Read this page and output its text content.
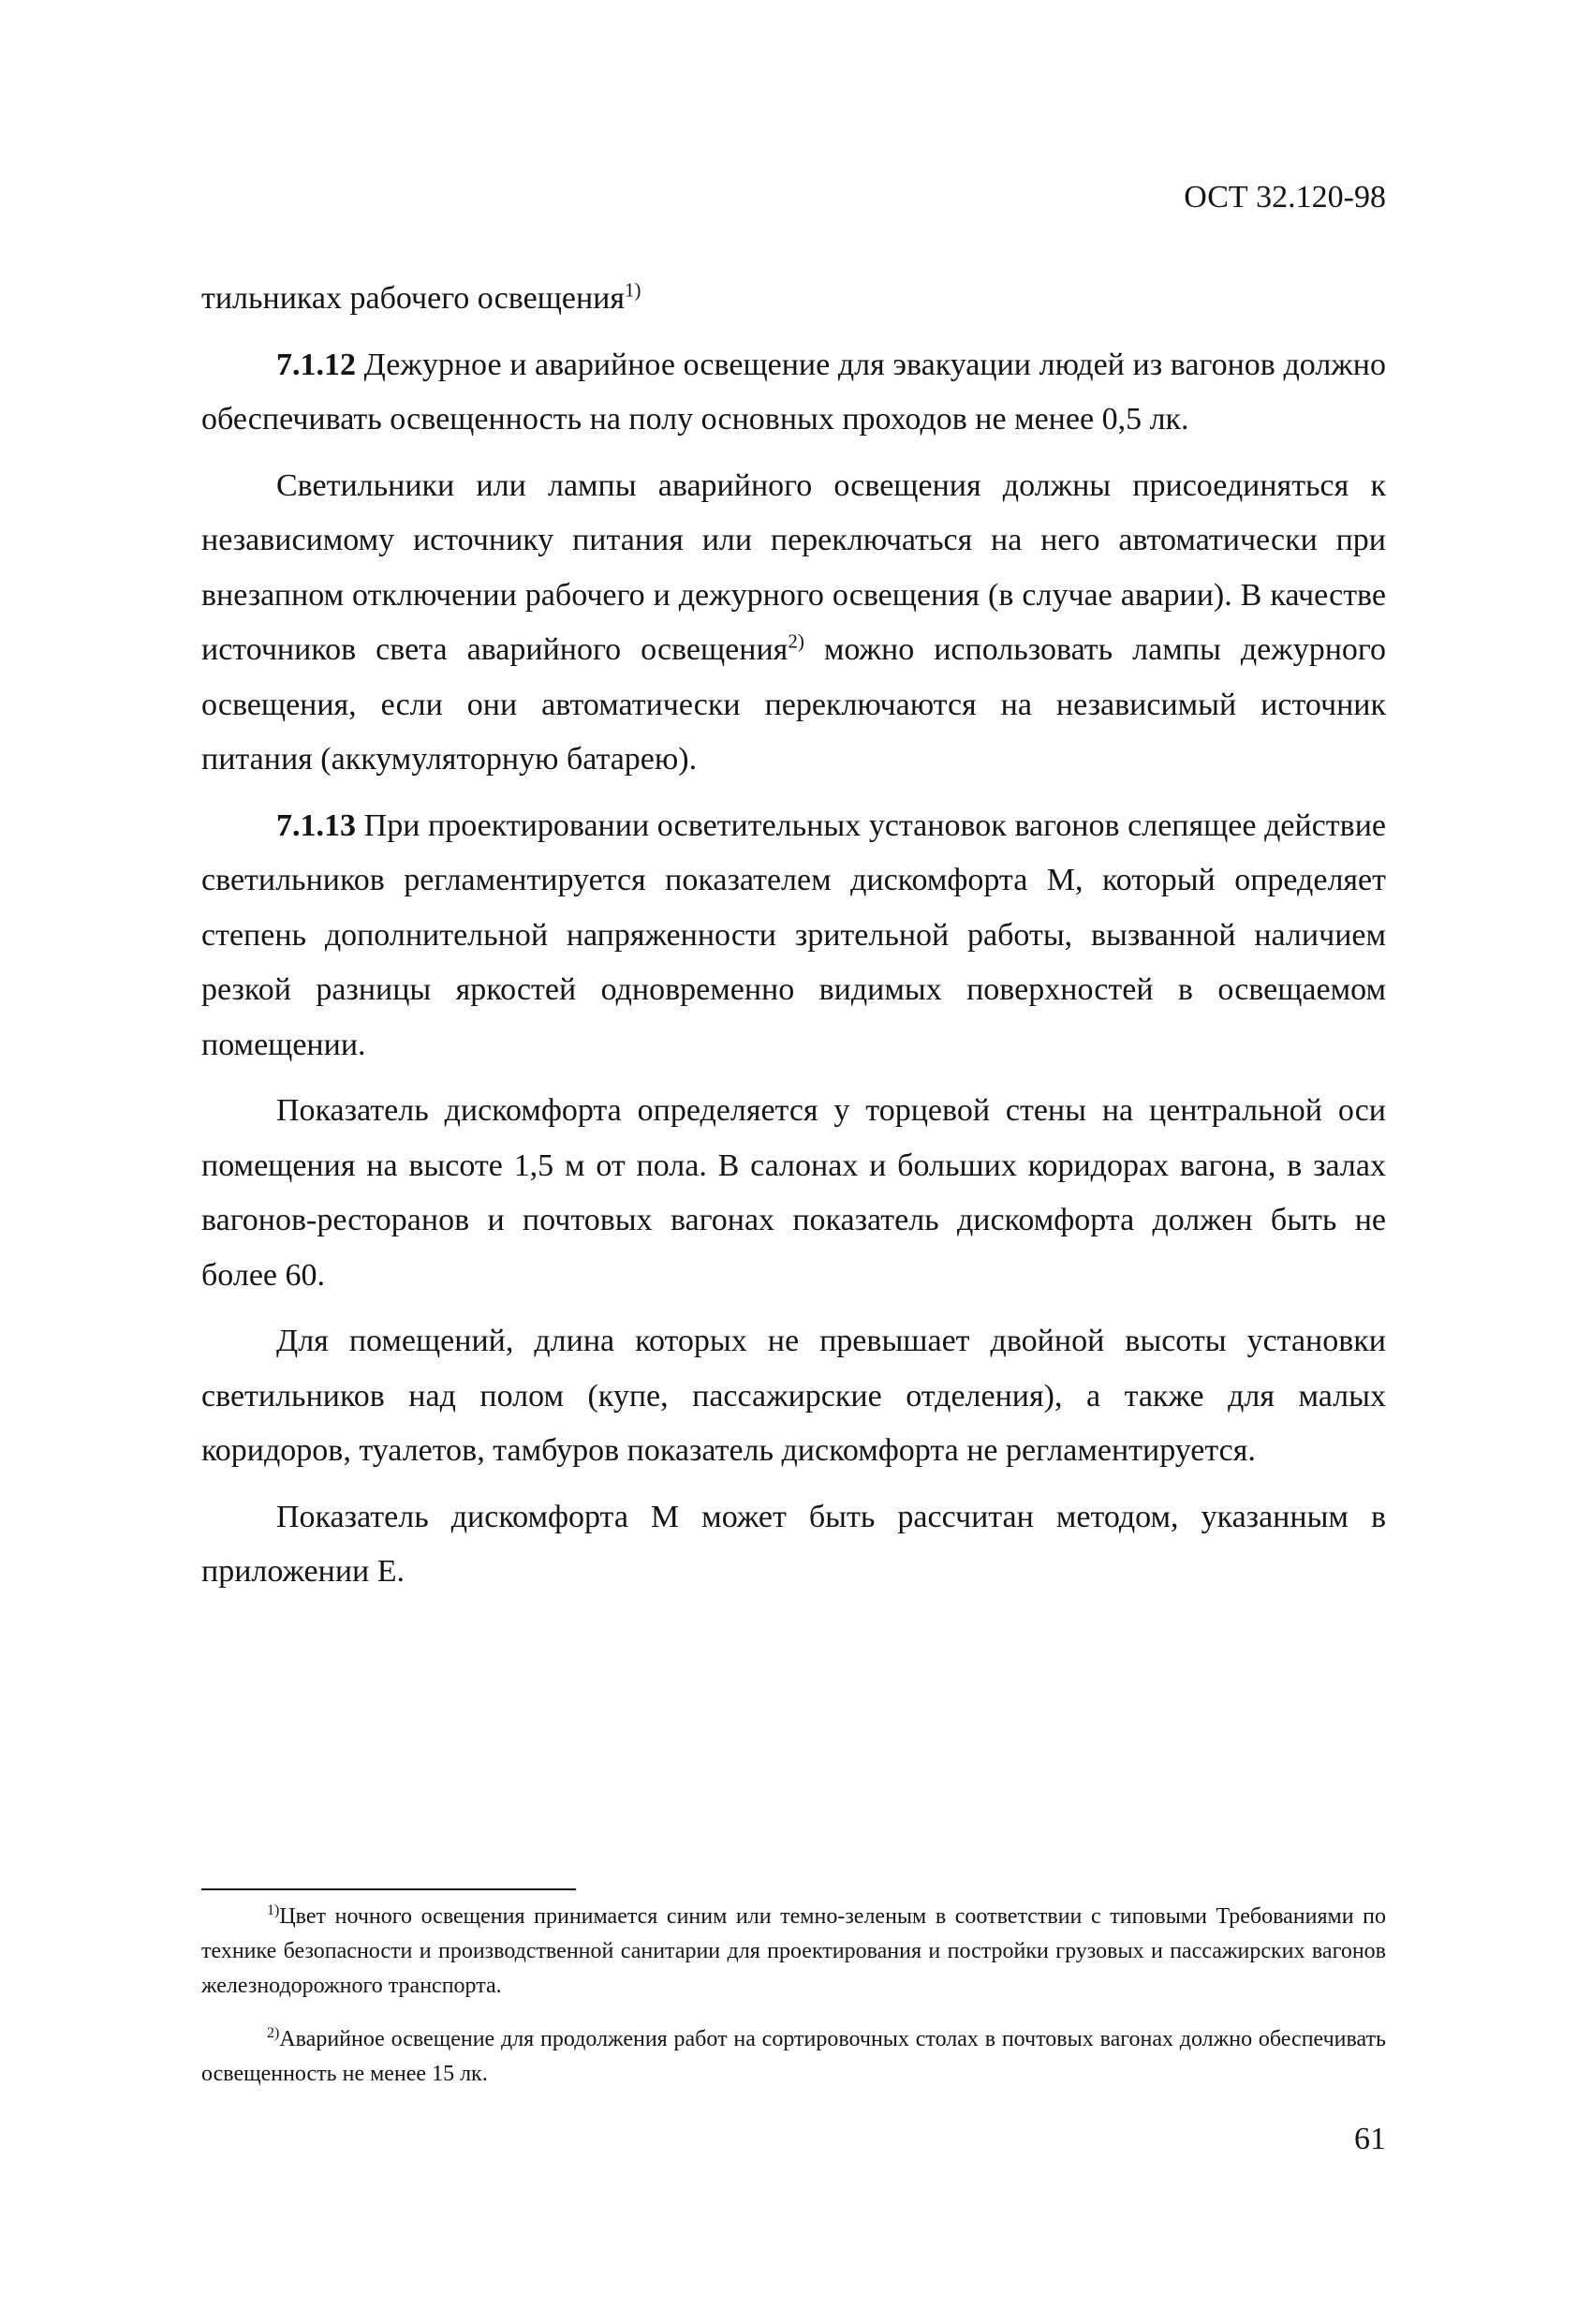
ОСТ 32.120-98

тильниках рабочего освещения$^{1)}$

7.1.12 Дежурное и аварийное освещение для эвакуации людей из вагонов должно обеспечивать освещенность на полу основных проходов не менее 0,5 лк.

Светильники или лампы аварийного освещения должны присоединяться к независимому источнику питания или переключаться на него автоматически при внезапном отключении рабочего и дежурного освещения (в случае аварии). В качестве источников света аварийного освещения$^{2)}$ можно использовать лампы дежурного освещения, если они автоматически переключаются на независимый источник питания (аккумуляторную батарею).

7.1.13 При проектировании осветительных установок вагонов слепящее действие светильников регламентируется показателем дискомфорта М, который определяет степень дополнительной напряженности зрительной работы, вызванной наличием резкой разницы яркостей одновременно видимых поверхностей в освещаемом помещении.

Показатель дискомфорта определяется у торцевой стены на центральной оси помещения на высоте 1,5 м от пола. В салонах и больших коридорах вагона, в залах вагонов-ресторанов и почтовых вагонах показатель дискомфорта должен быть не более 60.

Для помещений, длина которых не превышает двойной высоты установки светильников над полом (купе, пассажирские отделения), а также для малых коридоров, туалетов, тамбуров показатель дискомфорта не регламентируется.

Показатель дискомфорта М может быть рассчитан методом, указанным в приложении Е.

$^{1)}$Цвет ночного освещения принимается синим или темно-зеленым в соответствии с типовыми Требованиями по технике безопасности и производственной санитарии для проектирования и постройки грузовых и пассажирских вагонов железнодорожного транспорта.

$^{2)}$Аварийное освещение для продолжения работ на сортировочных столах в почтовых вагонах должно обеспечивать освещенность не менее 15 лк.

61
